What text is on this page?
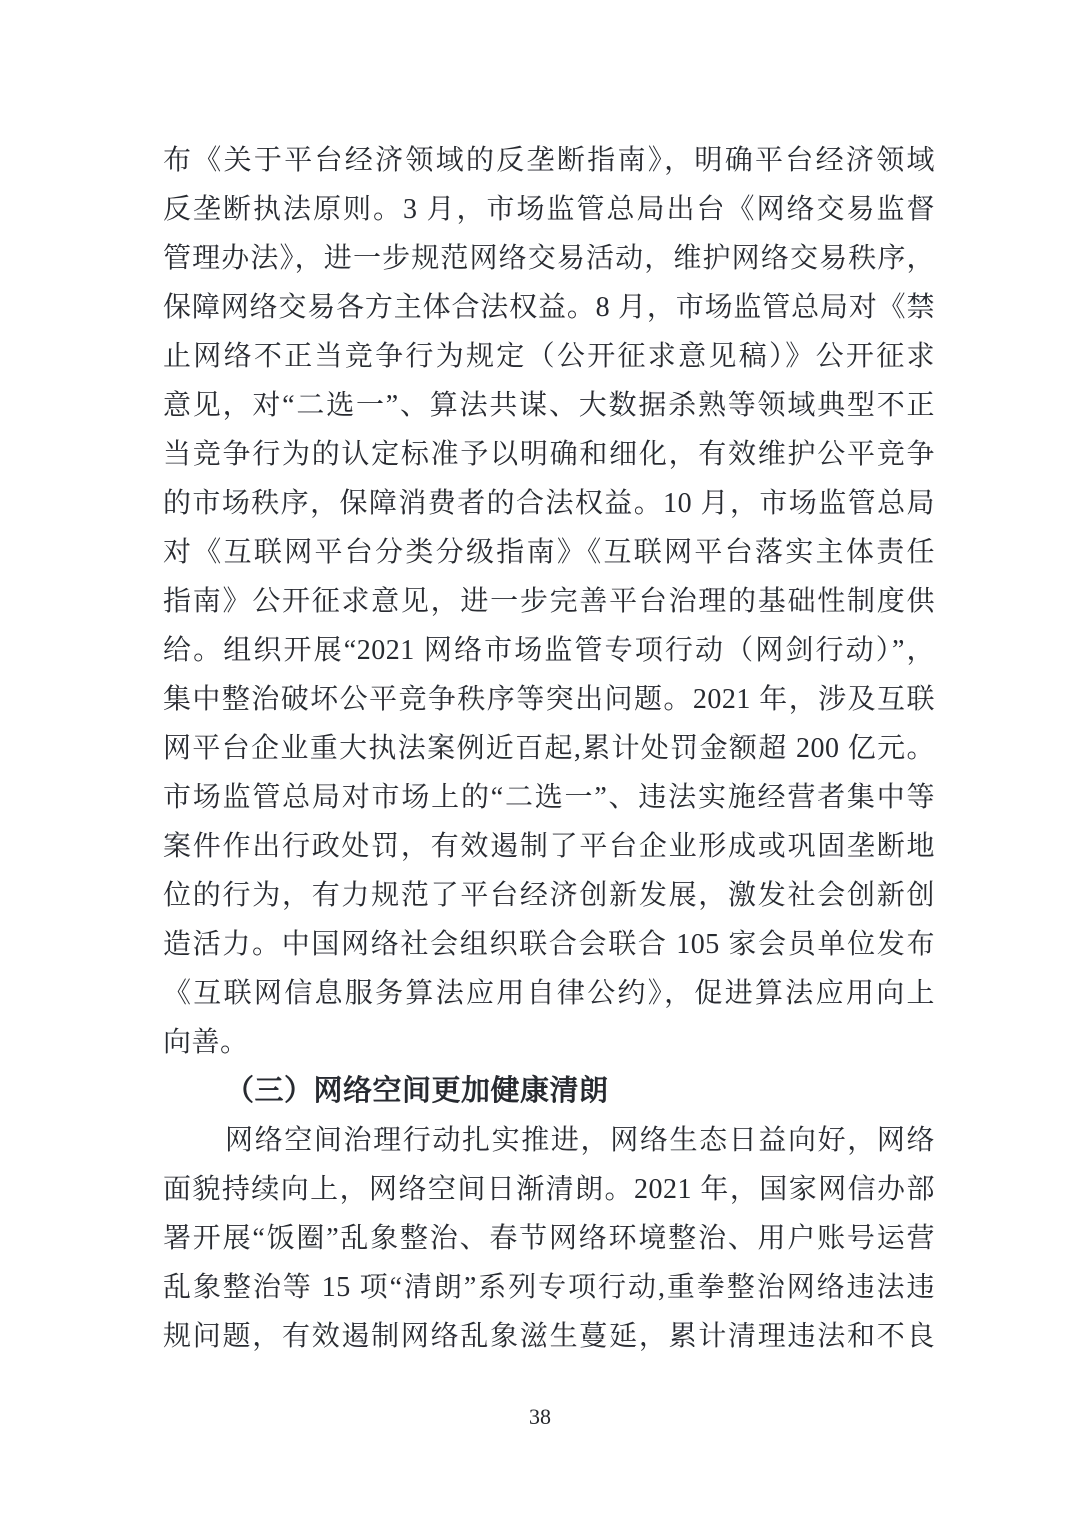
布《关于平台经济领域的反垄断指南》，明确平台经济领域
反垄断执法原则。3 月，市场监管总局出台《网络交易监督
管理办法》，进一步规范网络交易活动，维护网络交易秩序，
保障网络交易各方主体合法权益。8 月，市场监管总局对《禁
止网络不正当竞争行为规定（公开征求意见稿）》公开征求
意见，对“二选一”、算法共谋、大数据杀熟等领域典型不正
当竞争行为的认定标准予以明确和细化，有效维护公平竞争
的市场秩序，保障消费者的合法权益。10 月，市场监管总局
对《互联网平台分类分级指南》《互联网平台落实主体责任
指南》公开征求意见，进一步完善平台治理的基础性制度供
给。组织开展“2021 网络市场监管专项行动（网剑行动）”，
集中整治破坏公平竞争秩序等突出问题。2021 年，涉及互联
网平台企业重大执法案例近百起,累计处罚金额超 200 亿元。
市场监管总局对市场上的“二选一”、违法实施经营者集中等
案件作出行政处罚，有效遏制了平台企业形成或巩固垄断地
位的行为，有力规范了平台经济创新发展，激发社会创新创
造活力。中国网络社会组织联合会联合 105 家会员单位发布
《互联网信息服务算法应用自律公约》，促进算法应用向上
向善。
（三）网络空间更加健康清朗
网络空间治理行动扎实推进，网络生态日益向好，网络
面貌持续向上，网络空间日渐清朗。2021 年，国家网信办部
署开展“饭圈”乱象整治、春节网络环境整治、用户账号运营
乱象整治等 15 项“清朗”系列专项行动,重拳整治网络违法违
规问题，有效遏制网络乱象滋生蔓延，累计清理违法和不良
38
